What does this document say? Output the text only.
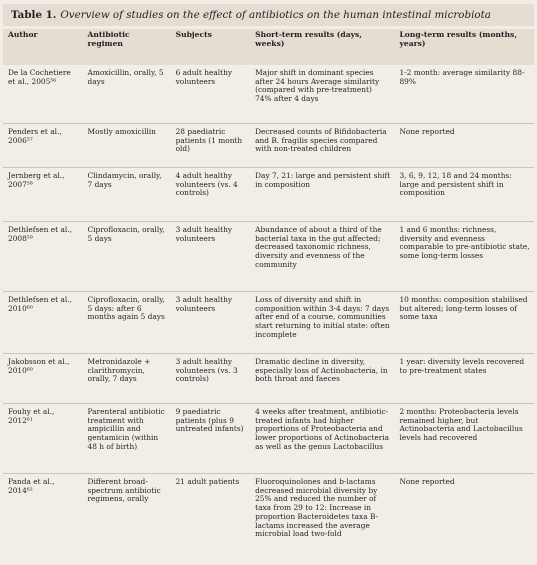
Table 1. Overview of studies on the effect of antibiotics on the human intestinal microbiota
Author	Antibiotic regimen	Subjects	Short-term results (days, weeks)	Long-term results (months, years)
De la Cochetiere et al., 2005⁵⁶	Amoxicillin, orally, 5 days	6 adult healthy volunteers	Major shift in dominant species after 24 hours Average similarity (compared with pre-treatment) 74% after 4 days	1-2 month: average similarity 88-89%
Penders et al., 2006⁵⁷	Mostly amoxicillin	28 paediatric patients (1 month old)	Decreased counts of Bifidobacteria and B. fragilis species compared with non-treated children	None reported
Jernberg et al., 2007⁵⁸	Clindamycin, orally, 7 days	4 adult healthy volunteers (vs. 4 controls)	Day 7, 21: large and persistent shift in composition	3, 6, 9, 12, 18 and 24 months: large and persistent shift in composition
Dethlefsen et al., 2008⁵⁹	Ciprofloxacin, orally, 5 days	3 adult healthy volunteers	Abundance of about a third of the bacterial taxa in the gut affected; decreased taxonomic richness, diversity and evenness of the community	1 and 6 months: richness, diversity and evenness comparable to pre-antibiotic state, some long-term losses
Dethlefsen et al., 2010⁶⁰	Ciprofloxacin, orally, 5 days: after 6 months again 5 days	3 adult healthy volunteers	Loss of diversity and shift in composition within 3-4 days: 7 days after end of a course, communities start returning to initial state: often incomplete	10 months: composition stabilised but altered; long-term losses of some taxa
Jakobsson et al., 2010⁶⁰	Metronidazole + clarithromycin, orally, 7 days	3 adult healthy volunteers (vs. 3 controls)	Dramatic decline in diversity, especially loss of Actinobacteria, in both throat and faeces	1 year: diversity levels recovered to pre-treatment states
Fouhy et al., 2012⁶¹	Parenteral antibiotic treatment with ampicillin and gentamicin (within 48 h of birth)	9 paediatric patients (plus 9 untreated infants)	4 weeks after treatment, antibiotic-treated infants had higher proportions of Proteobacteria and lower proportions of Actinobacteria as well as the genus Lactobacillus	2 months: Proteobacteria levels remained higher, but Actinobacteria and Lactobacillus levels had recovered
Panda et al., 2014⁶²	Different broad-spectrum antibiotic regimens, orally	21 adult patients	Fluoroquinolones and b-lactams decreased microbial diversity by 25% and reduced the number of taxa from 29 to 12: Increase in proportion Bacteroidetes taxa B-lactams increased the average microbial load two-fold	None reported
